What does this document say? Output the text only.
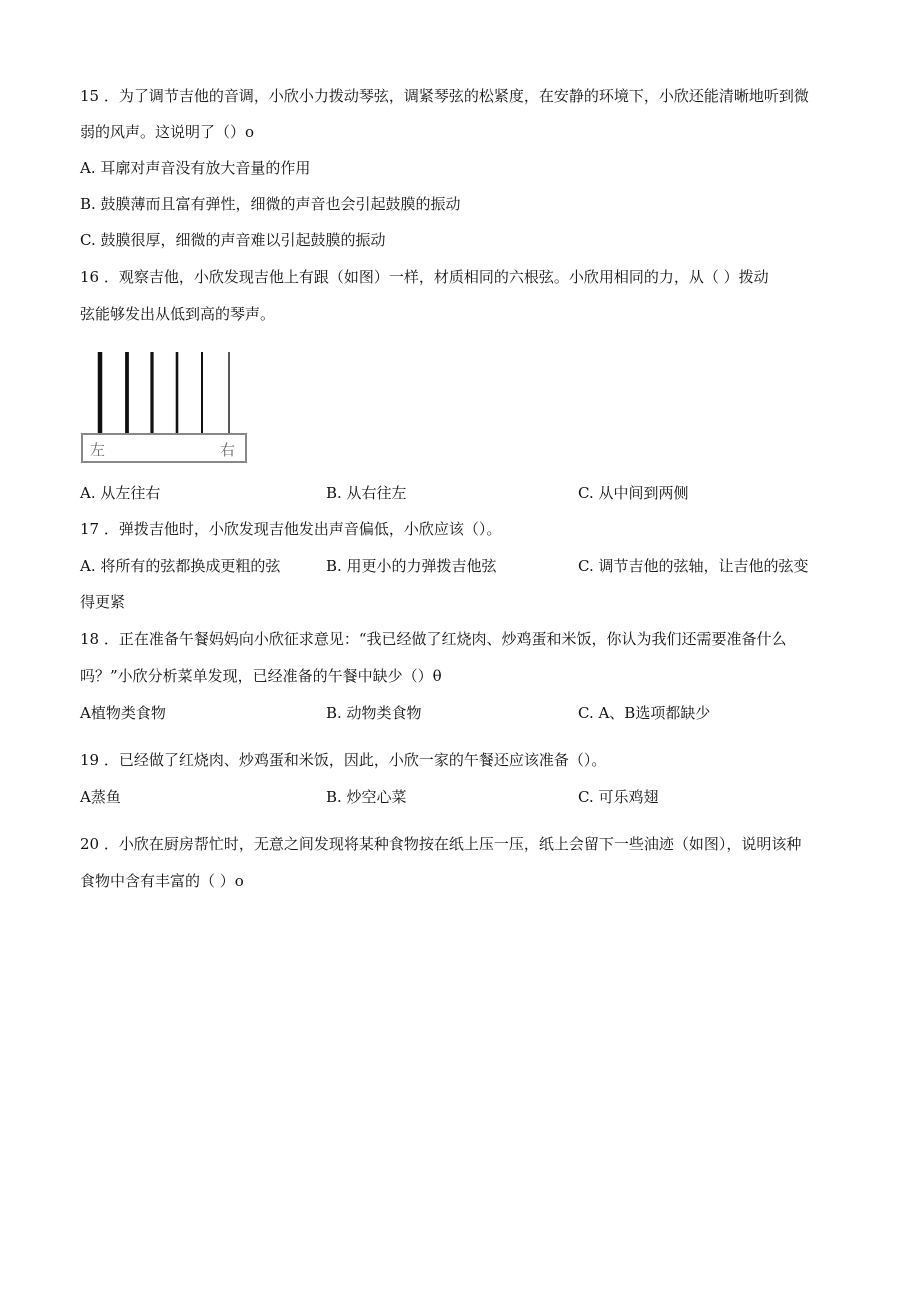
15 ．为了调节吉他的音调，小欣小力拨动琴弦，调紧琴弦的松紧度，在安静的环境下，小欣还能清晰地听到微
弱的风声。这说明了（）o
A. 耳廓对声音没有放大音量的作用
B. 鼓膜薄而且富有弹性，细微的声音也会引起鼓膜的振动
C. 鼓膜很厚，细微的声音难以引起鼓膜的振动
16 ．观察吉他，小欣发现吉他上有跟（如图）一样，材质相同的六根弦。小欣用相同的力，从（ ）拨动
弦能够发出从低到高的琴声。
左	右
A. 从左往右	B. 从右往左	C. 从中间到两侧
17 ．弹拨吉他时，小欣发现吉他发出声音偏低，小欣应该（）。
A. 将所有的弦都换成更粗的弦	B. 用更小的力弹拨吉他弦	C. 调节吉他的弦轴，让吉他的弦变
得更紧
18 ．正在准备午餐妈妈向小欣征求意见：“我已经做了红烧肉、炒鸡蛋和米饭，你认为我们还需要准备什么
吗？”小欣分析菜单发现，已经准备的午餐中缺少（）θ
A植物类食物	B. 动物类食物	C. A、B选项都缺少
19 ．已经做了红烧肉、炒鸡蛋和米饭，因此，小欣一家的午餐还应该准备（）。
A蒸鱼	B. 炒空心菜	C. 可乐鸡翅
20 ．小欣在厨房帮忙时，无意之间发现将某种食物按在纸上压一压，纸上会留下一些油迹（如图），说明该种
食物中含有丰富的（ ）o
